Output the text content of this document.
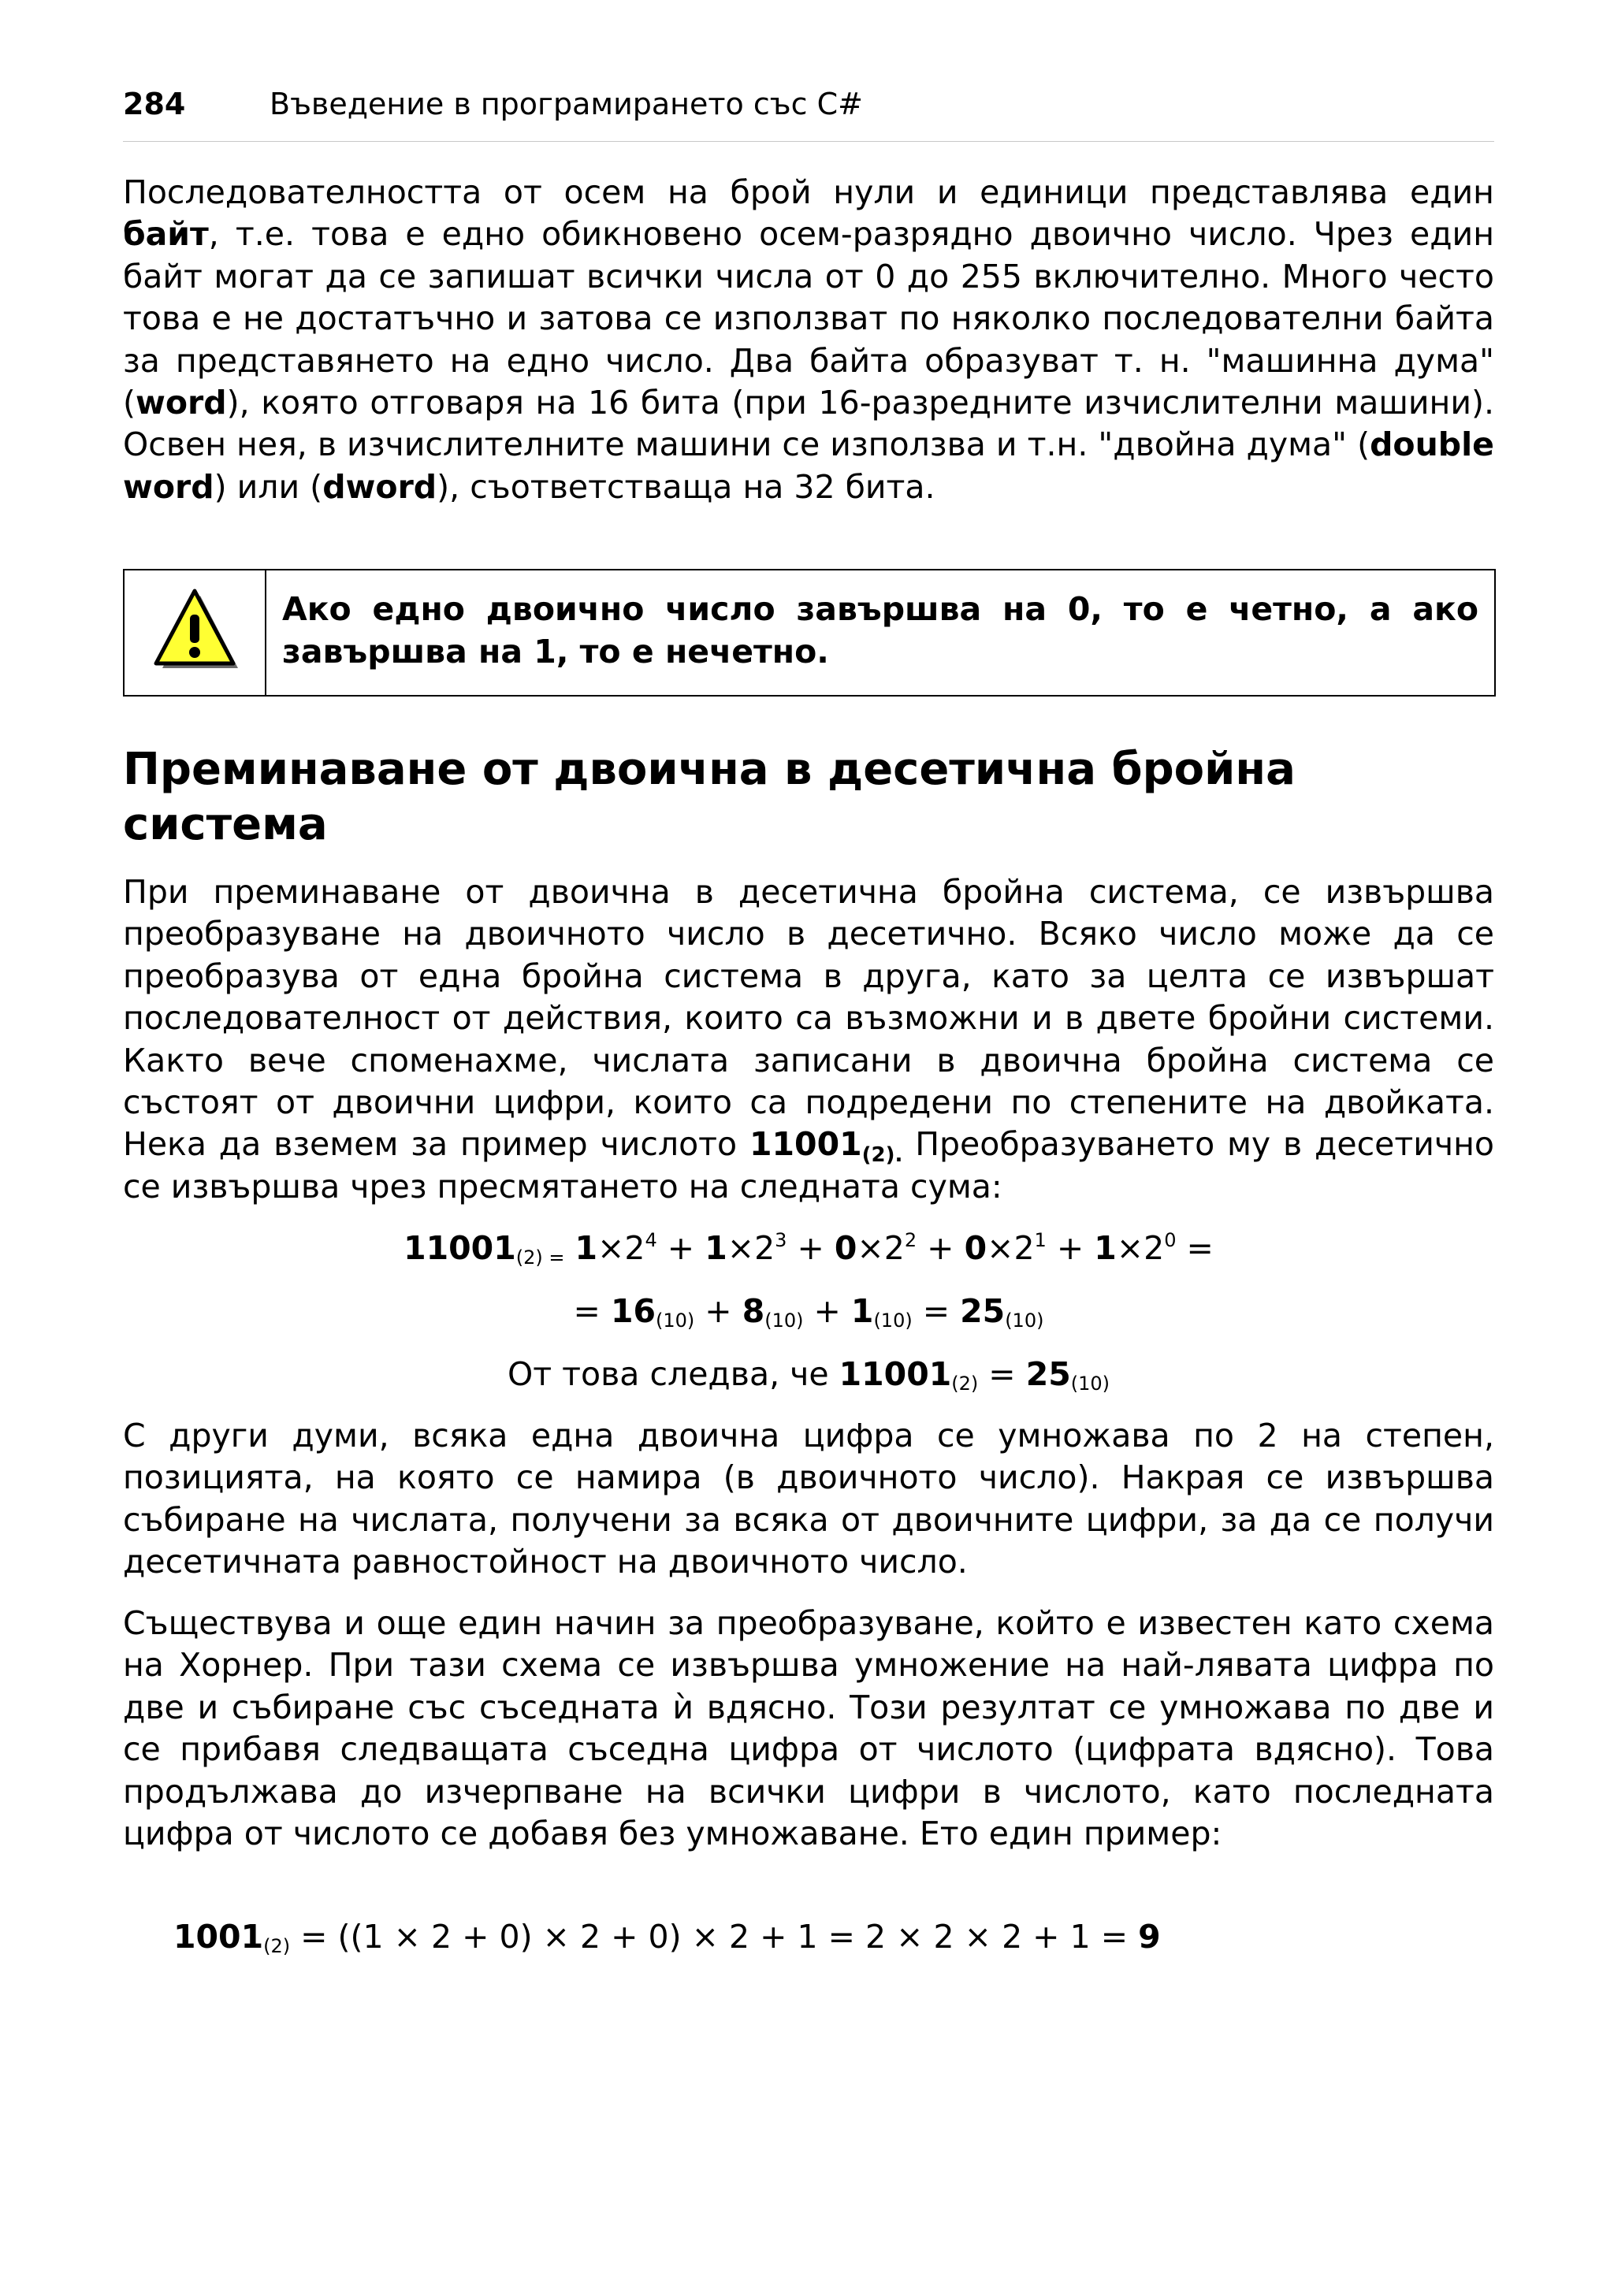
284	Въведение в програмирането със C#

Последователността от осем на брой нули и единици представлява един байт, т.е. това е едно обикновено осем-разрядно двоично число. Чрез един байт могат да се запишат всички числа от 0 до 255 включително. Много често това е не достатъчно и затова се използват по няколко последователни байта за представянето на едно число. Два байта образуват т. н. "машинна дума" (word), която отговаря на 16 бита (при 16-разредните изчислителни машини). Освен нея, в изчислителните машини се използва и т.н. "двойна дума" (double word) или (dword), съответстваща на 32 бита.

Ако едно двоично число завършва на 0, то е четно, а ако завършва на 1, то е нечетно.

Преминаване от двоична в десетична бройна система

При преминаване от двоична в десетична бройна система, се извършва преобразуване на двоичното число в десетично. Всяко число може да се преобразува от една бройна система в друга, като за целта се извършат последователност от действия, които са възможни и в двете бройни системи. Както вече споменахме, числата записани в двоична бройна система се състоят от двоични цифри, които са подредени по степените на двойката. Нека да вземем за пример числото 11001(2). Преобразуването му в десетично се извършва чрез пресмятането на следната сума:

$11001_{(2) =}$ $1\times 2^4 + 1\times 2^3 + 0\times 2^2 + 0\times 2^1 + 1\times 2^0$ =

= $16_{(10)} + 8_{(10)} + 1_{(10)} = 25_{(10)}$

От това следва, че $11001_{(2)} = 25_{(10)}$

С други думи, всяка една двоична цифра се умножава по 2 на степен, позицията, на която се намира (в двоичното число). Накрая се извършва събиране на числата, получени за всяка от двоичните цифри, за да се получи десетичната равностойност на двоичното число.

Съществува и още един начин за преобразуване, който е известен като схема на Хорнер. При тази схема се извършва умножение на най-лявата цифра по две и събиране със съседната ѝ вдясно. Този резултат се умножава по две и се прибавя следващата съседна цифра от числото (цифрата вдясно). Това продължава до изчерпване на всички цифри в числото, като последната цифра от числото се добавя без умножаване. Ето един пример:

$1001_{(2)} = ((1 \times 2 + 0) \times 2 + 0) \times 2 + 1 = 2 \times 2 \times 2 + 1 = 9$
